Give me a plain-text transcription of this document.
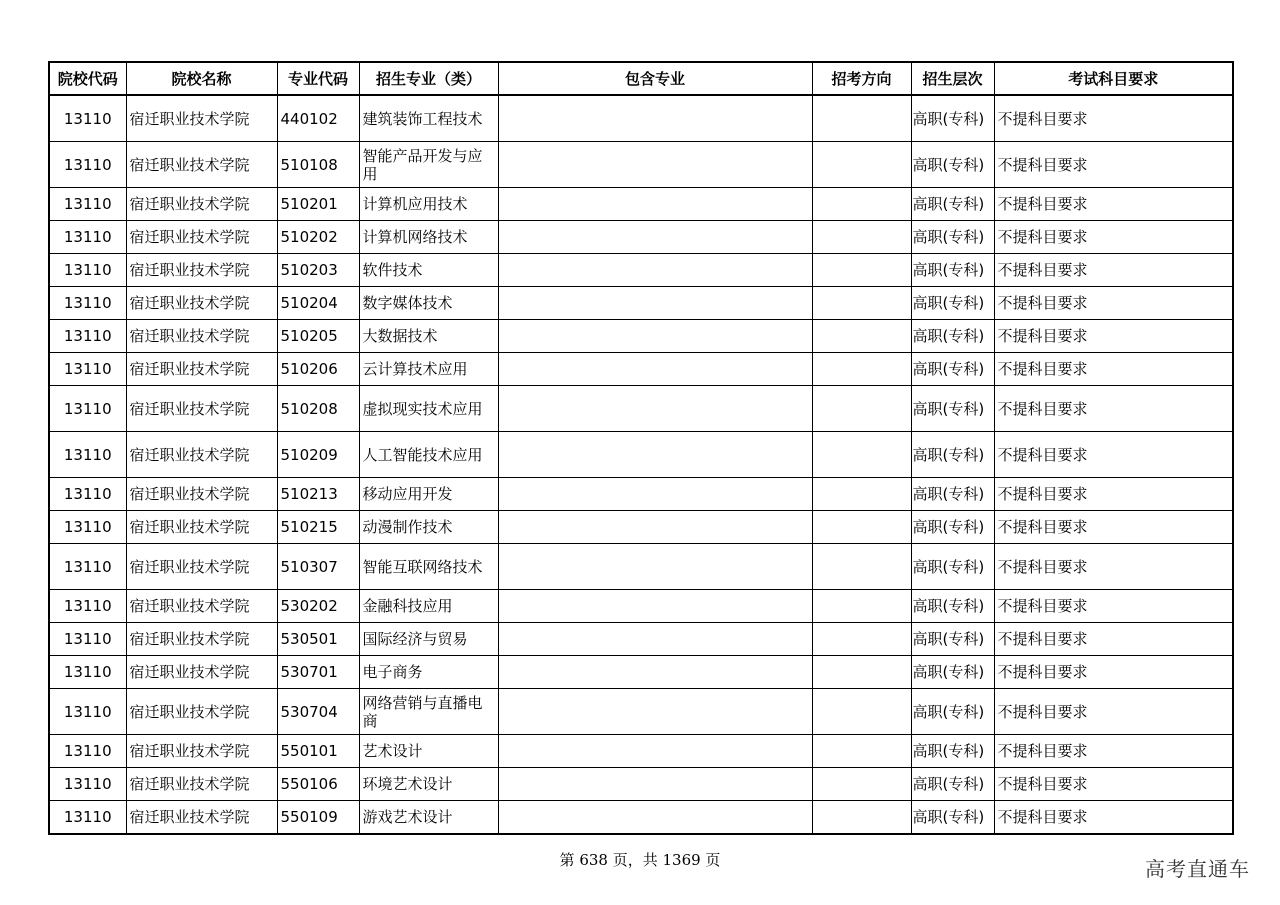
院校代码	院校名称	专业代码	招生专业（类）	包含专业	招考方向	招生层次	考试科目要求
13110	宿迁职业技术学院	440102	建筑装饰工程技术			高职(专科)	不提科目要求
13110	宿迁职业技术学院	510108	智能产品开发与应用			高职(专科)	不提科目要求
13110	宿迁职业技术学院	510201	计算机应用技术			高职(专科)	不提科目要求
13110	宿迁职业技术学院	510202	计算机网络技术			高职(专科)	不提科目要求
13110	宿迁职业技术学院	510203	软件技术			高职(专科)	不提科目要求
13110	宿迁职业技术学院	510204	数字媒体技术			高职(专科)	不提科目要求
13110	宿迁职业技术学院	510205	大数据技术			高职(专科)	不提科目要求
13110	宿迁职业技术学院	510206	云计算技术应用			高职(专科)	不提科目要求
13110	宿迁职业技术学院	510208	虚拟现实技术应用			高职(专科)	不提科目要求
13110	宿迁职业技术学院	510209	人工智能技术应用			高职(专科)	不提科目要求
13110	宿迁职业技术学院	510213	移动应用开发			高职(专科)	不提科目要求
13110	宿迁职业技术学院	510215	动漫制作技术			高职(专科)	不提科目要求
13110	宿迁职业技术学院	510307	智能互联网络技术			高职(专科)	不提科目要求
13110	宿迁职业技术学院	530202	金融科技应用			高职(专科)	不提科目要求
13110	宿迁职业技术学院	530501	国际经济与贸易			高职(专科)	不提科目要求
13110	宿迁职业技术学院	530701	电子商务			高职(专科)	不提科目要求
13110	宿迁职业技术学院	530704	网络营销与直播电商			高职(专科)	不提科目要求
13110	宿迁职业技术学院	550101	艺术设计			高职(专科)	不提科目要求
13110	宿迁职业技术学院	550106	环境艺术设计			高职(专科)	不提科目要求
13110	宿迁职业技术学院	550109	游戏艺术设计			高职(专科)	不提科目要求
第 638 页，共 1369 页	高考直通车
